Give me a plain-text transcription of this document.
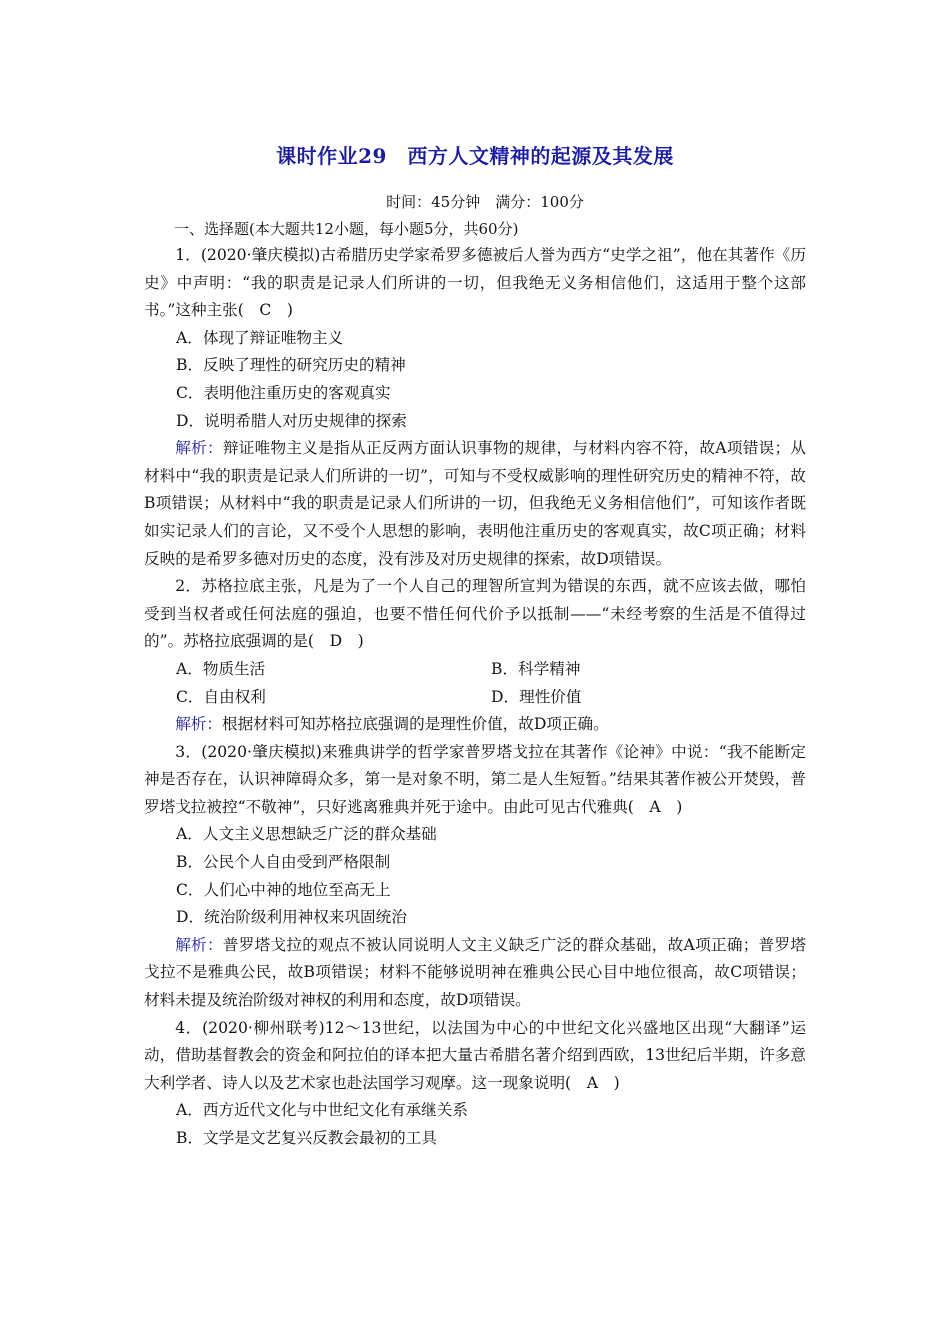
课时作业29　西方人文精神的起源及其发展
时间：45分钟　满分：100分
一、选择题(本大题共12小题，每小题5分，共60分)

1．(2020·肇庆模拟)古希腊历史学家希罗多德被后人誉为西方“史学之祖”，他在其著作《历史》中声明：“我的职责是记录人们所讲的一切，但我绝无义务相信他们，这适用于整个这部书。”这种主张(　C　)

A．体现了辩证唯物主义

B．反映了理性的研究历史的精神

C．表明他注重历史的客观真实

D．说明希腊人对历史规律的探索

解析：辩证唯物主义是指从正反两方面认识事物的规律，与材料内容不符，故A项错误；从材料中“我的职责是记录人们所讲的一切”，可知与不受权威影响的理性研究历史的精神不符，故B项错误；从材料中“我的职责是记录人们所讲的一切，但我绝无义务相信他们”，可知该作者既如实记录人们的言论，又不受个人思想的影响，表明他注重历史的客观真实，故C项正确；材料反映的是希罗多德对历史的态度，没有涉及对历史规律的探索，故D项错误。

2．苏格拉底主张，凡是为了一个人自己的理智所宣判为错误的东西，就不应该去做，哪怕受到当权者或任何法庭的强迫，也要不惜任何代价予以抵制——“未经考察的生活是不值得过的”。苏格拉底强调的是(　D　)

A．物质生活	B．科学精神
C．自由权利	D．理性价值

解析：根据材料可知苏格拉底强调的是理性价值，故D项正确。

3．(2020·肇庆模拟)来雅典讲学的哲学家普罗塔戈拉在其著作《论神》中说：“我不能断定神是否存在，认识神障碍众多，第一是对象不明，第二是人生短暂。”结果其著作被公开焚毁，普罗塔戈拉被控“不敬神”，只好逃离雅典并死于途中。由此可见古代雅典(　A　)

A．人文主义思想缺乏广泛的群众基础

B．公民个人自由受到严格限制

C．人们心中神的地位至高无上

D．统治阶级利用神权来巩固统治

解析：普罗塔戈拉的观点不被认同说明人文主义缺乏广泛的群众基础，故A项正确；普罗塔戈拉不是雅典公民，故B项错误；材料不能够说明神在雅典公民心目中地位很高，故C项错误；材料未提及统治阶级对神权的利用和态度，故D项错误。

4．(2020·柳州联考)12～13世纪，以法国为中心的中世纪文化兴盛地区出现“大翻译”运动，借助基督教会的资金和阿拉伯的译本把大量古希腊名著介绍到西欧，13世纪后半期，许多意大利学者、诗人以及艺术家也赴法国学习观摩。这一现象说明(　A　)

A．西方近代文化与中世纪文化有承继关系

B．文学是文艺复兴反教会最初的工具
